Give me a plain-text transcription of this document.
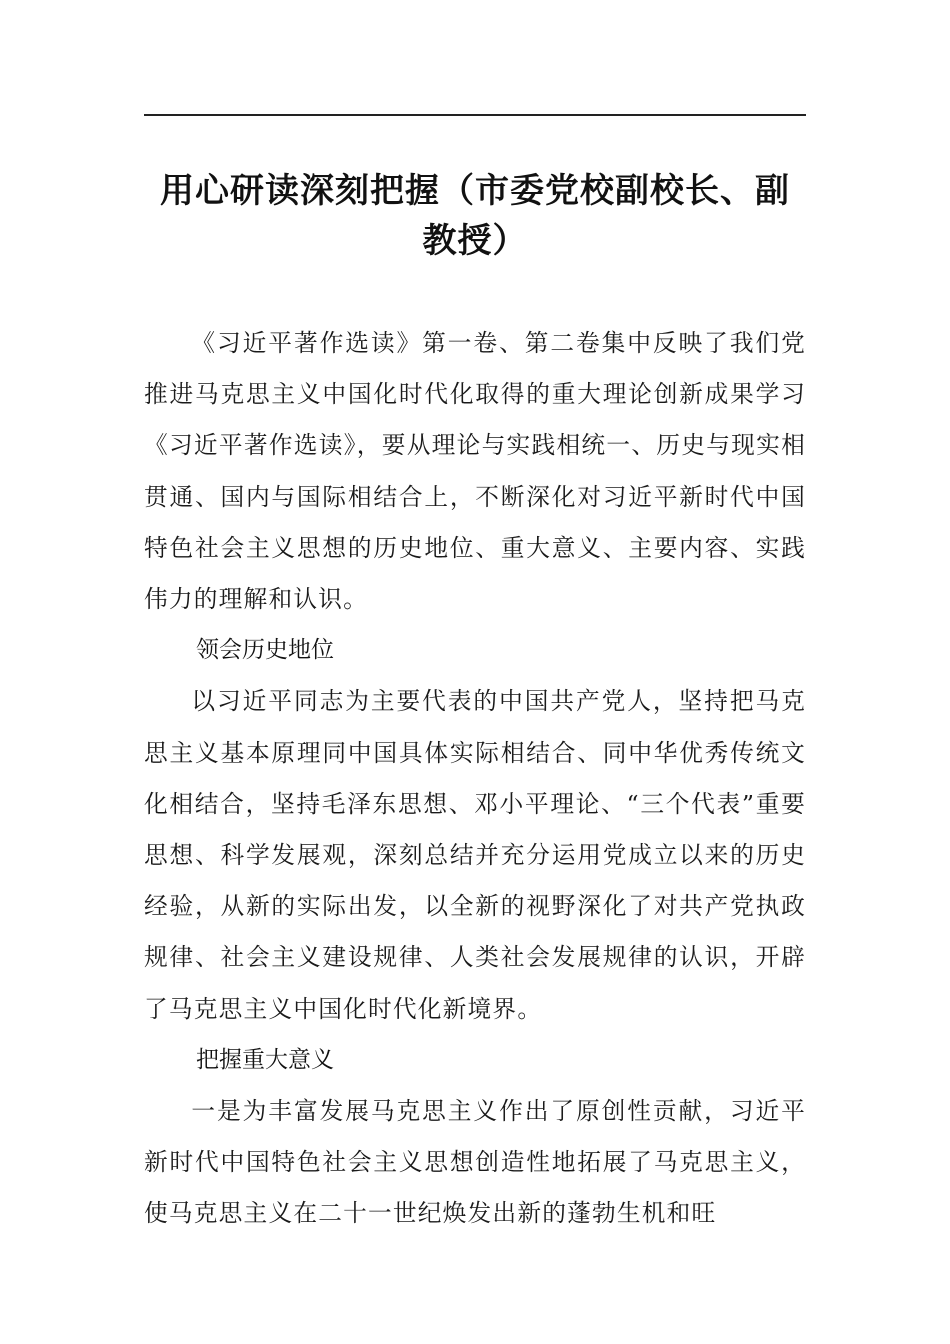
用心研读深刻把握（市委党校副校长、副教授）

《习近平著作选读》第一卷、第二卷集中反映了我们党推进马克思主义中国化时代化取得的重大理论创新成果学习《习近平著作选读》，要从理论与实践相统一、历史与现实相贯通、国内与国际相结合上，不断深化对习近平新时代中国特色社会主义思想的历史地位、重大意义、主要内容、实践伟力的理解和认识。

领会历史地位

以习近平同志为主要代表的中国共产党人，坚持把马克思主义基本原理同中国具体实际相结合、同中华优秀传统文化相结合，坚持毛泽东思想、邓小平理论、“三个代表”重要思想、科学发展观，深刻总结并充分运用党成立以来的历史经验，从新的实际出发，以全新的视野深化了对共产党执政规律、社会主义建设规律、人类社会发展规律的认识，开辟了马克思主义中国化时代化新境界。

把握重大意义

一是为丰富发展马克思主义作出了原创性贡献，习近平新时代中国特色社会主义思想创造性地拓展了马克思主义，使马克思主义在二十一世纪焕发出新的蓬勃生机和旺
